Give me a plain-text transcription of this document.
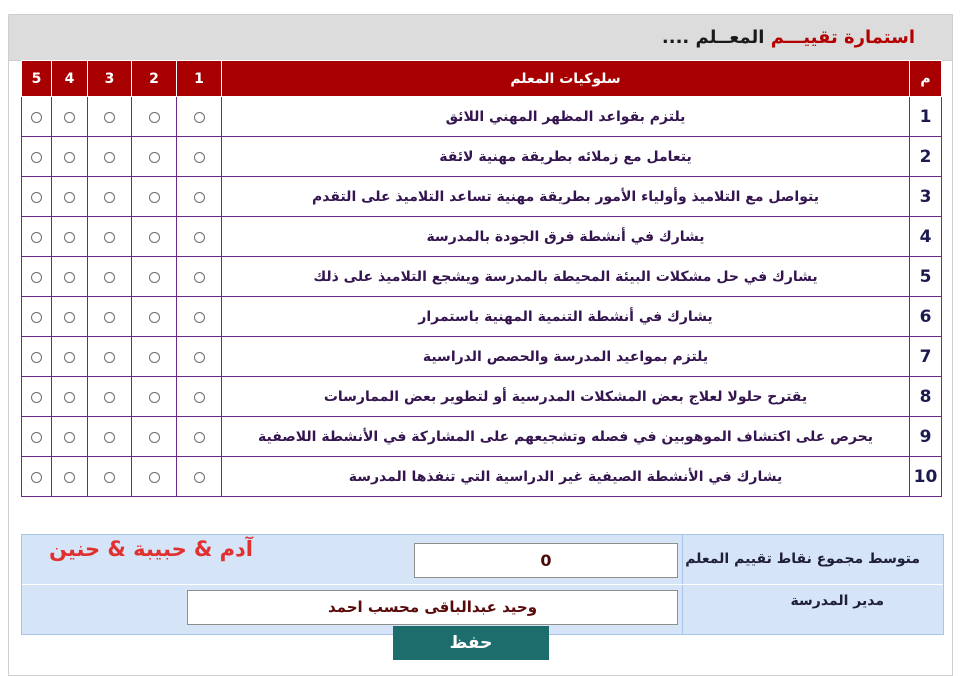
استمارة تقييـــم المعــلم ....
5	4	3	2	1	سلوكيات المعلم	م
					يلتزم بقواعد المظهر المهني اللائق	1
					يتعامل مع زملائه بطريقة مهنية لائقة	2
					يتواصل مع التلاميذ وأولياء الأمور بطريقة مهنية تساعد التلاميذ على التقدم	3
					يشارك في أنشطة فرق الجودة بالمدرسة	4
					يشارك في حل مشكلات البيئة المحيطة بالمدرسة ويشجع التلاميذ على ذلك	5
					يشارك في أنشطة التنمية المهنية باستمرار	6
					يلتزم بمواعيد المدرسة والحصص الدراسية	7
					يقترح حلولا لعلاج بعض المشكلات المدرسية أو لتطوير بعض الممارسات	8
					يحرص على اكتشاف الموهوبين في فصله وتشجيعهم على المشاركة في الأنشطة اللاصفية	9
					يشارك في الأنشطة الصيفية غير الدراسية التي تنفذها المدرسة	10
متوسط مجموع نقاط تقييم المعلم
0
آدم & حبيبة & حنين
مدير المدرسة
وحيد عبدالباقى محسب احمد
حفظ
